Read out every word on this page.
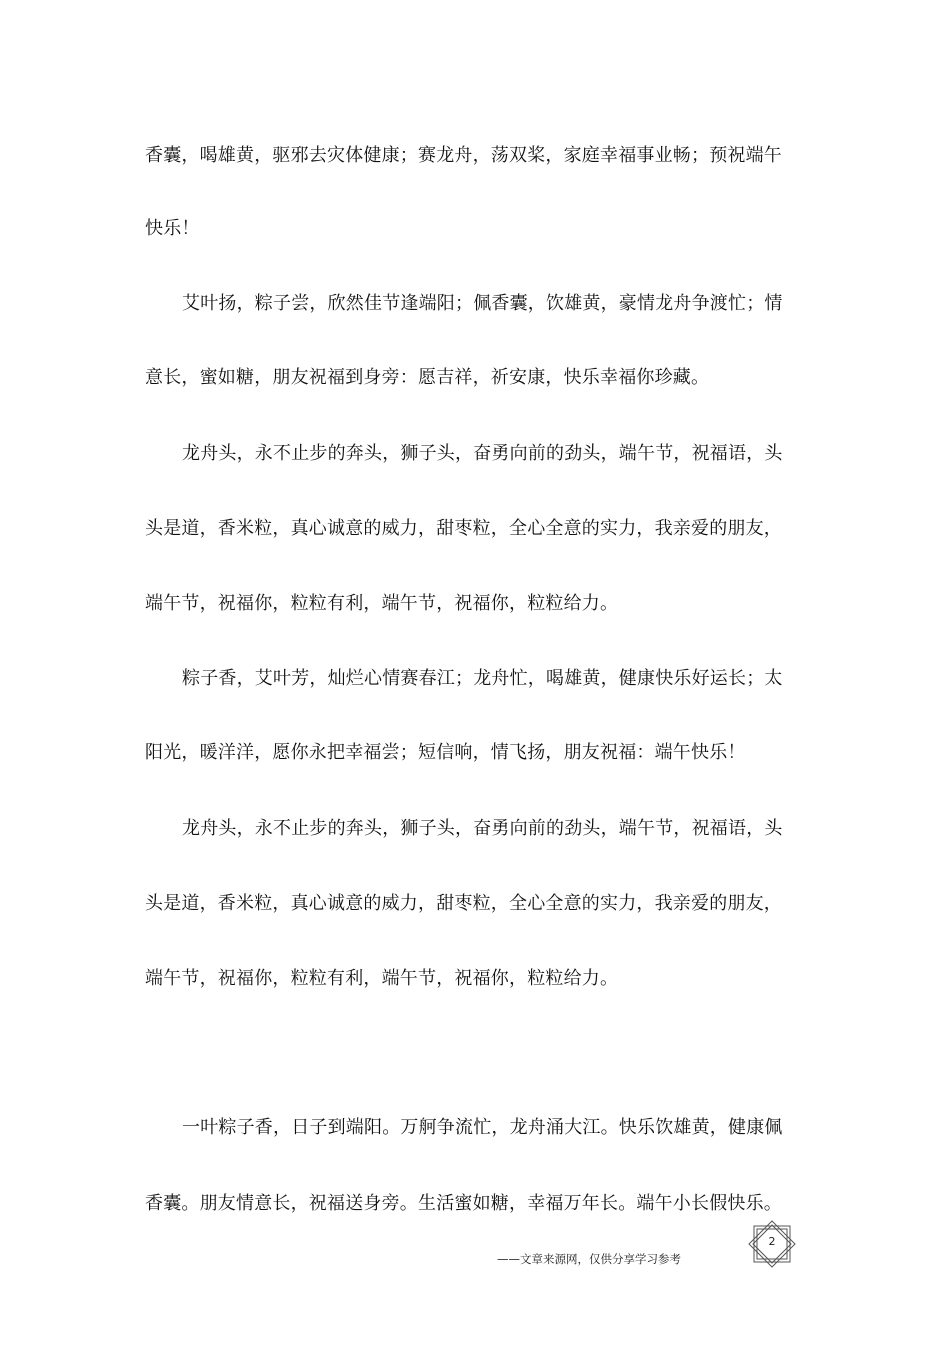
香囊，喝雄黄，驱邪去灾体健康；赛龙舟，荡双桨，家庭幸福事业畅；预祝端午
快乐！
艾叶扬，粽子尝，欣然佳节逢端阳；佩香囊，饮雄黄，豪情龙舟争渡忙；情
意长，蜜如糖，朋友祝福到身旁：愿吉祥，祈安康，快乐幸福你珍藏。
龙舟头，永不止步的奔头，狮子头，奋勇向前的劲头，端午节，祝福语，头
头是道，香米粒，真心诚意的威力，甜枣粒，全心全意的实力，我亲爱的朋友，
端午节，祝福你，粒粒有利，端午节，祝福你，粒粒给力。
粽子香，艾叶芳，灿烂心情赛春江；龙舟忙，喝雄黄，健康快乐好运长；太
阳光，暖洋洋，愿你永把幸福尝；短信响，情飞扬，朋友祝福：端午快乐！
龙舟头，永不止步的奔头，狮子头，奋勇向前的劲头，端午节，祝福语，头
头是道，香米粒，真心诚意的威力，甜枣粒，全心全意的实力，我亲爱的朋友，
端午节，祝福你，粒粒有利，端午节，祝福你，粒粒给力。
一叶粽子香，日子到端阳。万舸争流忙，龙舟涌大江。快乐饮雄黄，健康佩
香囊。朋友情意长，祝福送身旁。生活蜜如糖，幸福万年长。端午小长假快乐。
——文章来源网，仅供分享学习参考
2
